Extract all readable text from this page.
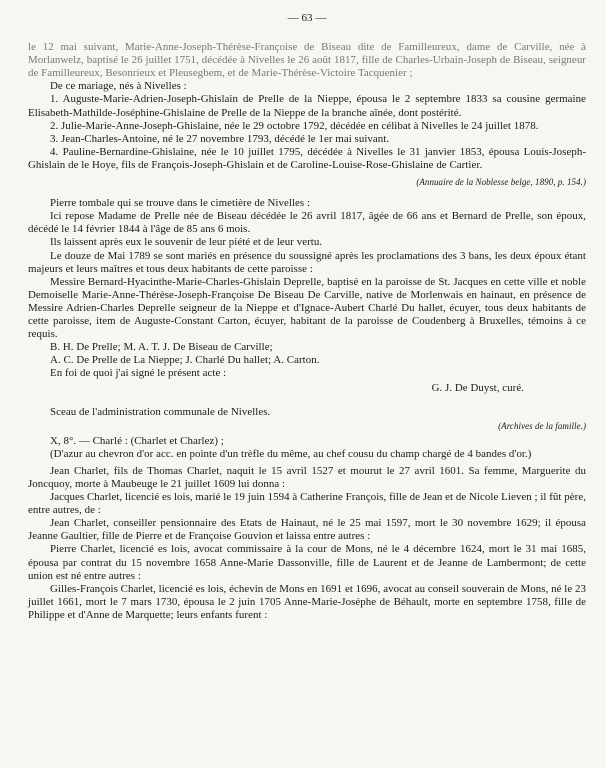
— 63 —

le 12 mai suivant, Marie-Anne-Joseph-Thérèse-Françoise de Biseau dite de Familleureux, dame de Carville, née à Morlanwelz, baptisé le 26 juillet 1751, décédée à Nivelles le 26 août 1817, fille de Charles-Urbain-Joseph de Biseau, seigneur de Familleureux, Besonrieux et Pleusegbem, et de Marie-Thérèse-Victoire Tacquenier ;

De ce mariage, nés à Nivelles :

1. Auguste-Marie-Adrien-Joseph-Ghislain de Prelle de la Nieppe, épousa le 2 septembre 1833 sa cousine germaine Elisabeth-Mathilde-Joséphine-Ghislaine de Prelle de la Nieppe de la branche aînée, dont postérité.

2. Julie-Marie-Anne-Joseph-Ghislaine, née le 29 octobre 1792, décédée en célibat à Nivelles le 24 juillet 1878.

3. Jean-Charles-Antoine, né le 27 novembre 1793, décédé le 1er mai suivant.

4. Pauline-Bernardine-Ghislaine, née le 10 juillet 1795, décédée à Nivelles le 31 janvier 1853, épousa Louis-Joseph-Ghislain de le Hoye, fils de François-Joseph-Ghislain et de Caroline-Louise-Rose-Ghislaine de Cartier.

(Annuaire de la Noblesse belge, 1890, p. 154.)

Pierre tombale qui se trouve dans le cimetière de Nivelles :

Ici repose Madame de Prelle née de Biseau décédée le 26 avril 1817, âgée de 66 ans et Bernard de Prelle, son époux, décédé le 14 février 1844 à l'âge de 85 ans 6 mois.

Ils laissent après eux le souvenir de leur piété et de leur vertu.

Le douze de Mai 1789 se sont mariés en présence du soussigné après les proclamations des 3 bans, les deux époux étant majeurs et leurs maîtres et tous deux habitants de cette paroisse :

Messire Bernard-Hyacinthe-Marie-Charles-Ghislain Deprelle, baptisé en la paroisse de St. Jacques en cette ville et noble Demoiselle Marie-Anne-Thérèse-Joseph-Françoise De Biseau De Carville, native de Morlenwais en hainaut, en présence de Messire Adrien-Charles Deprelle seigneur de la Nieppe et d'Ignace-Aubert Charlé Du hallet, écuyer, tous deux habitants de cette paroisse, item de Auguste-Constant Carton, écuyer, habitant de la paroisse de Coudenberg à Bruxelles, témoins à ce requis.

B. H. De Prelle; M. A. T. J. De Biseau de Carville;

A. C. De Prelle de La Nieppe; J. Charlé Du hallet; A. Carton.

En foi de quoi j'ai signé le présent acte :

G. J. De Duyst, curé.

Sceau de l'administration communale de Nivelles.

(Archives de la famille.)

X, 8°. — Charlé : (Charlet et Charlez) ;

(D'azur au chevron d'or acc. en pointe d'un trèfle du même, au chef cousu du champ chargé de 4 bandes d'or.)

Jean Charlet, fils de Thomas Charlet, naquit le 15 avril 1527 et mourut le 27 avril 1601. Sa femme, Marguerite du Joncquoy, morte à Maubeuge le 21 juillet 1609 lui donna :

Jacques Charlet, licencié es lois, marié le 19 juin 1594 à Catherine François, fille de Jean et de Nicole Lieven ; il fût père, entre autres, de :

Jean Charlet, conseiller pensionnaire des Etats de Hainaut, né le 25 mai 1597, mort le 30 novembre 1629; il épousa Jeanne Gaultier, fille de Pierre et de Françoise Gouvion et laissa entre autres :

Pierre Charlet, licencié es lois, avocat commissaire à la cour de Mons, né le 4 décembre 1624, mort le 31 mai 1685, épousa par contrat du 15 novembre 1658 Anne-Marie Dassonville, fille de Laurent et de Jeanne de Lambermont; de cette union est né entre autres :

Gilles-François Charlet, licencié es lois, échevin de Mons en 1691 et 1696, avocat au conseil souverain de Mons, né le 23 juillet 1661, mort le 7 mars 1730, épousa le 2 juin 1705 Anne-Marie-Joséphe de Béhault, morte en septembre 1758, fille de Philippe et d'Anne de Marquette; leurs enfants furent :
